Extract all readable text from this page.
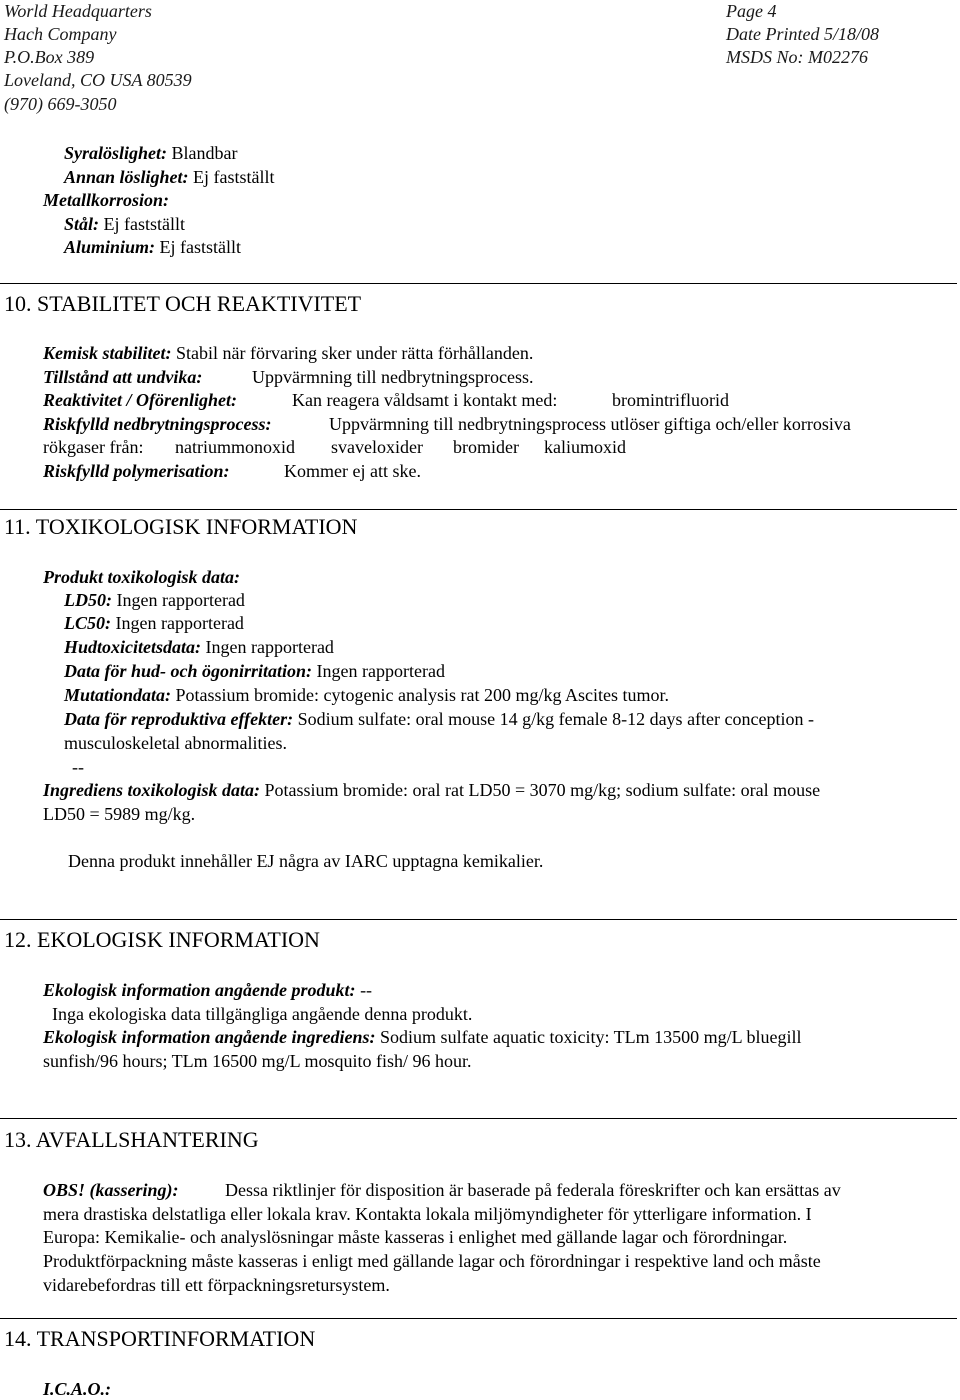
World Headquarters
Hach Company
P.O.Box 389
Loveland, CO USA 80539
(970) 669-3050
Page 4
Date Printed 5/18/08
MSDS No: M02276
Syralöslighet: Blandbar
Annan löslighet: Ej fastställt
Metallkorrosion:
Stål: Ej fastställt
Aluminium: Ej fastställt
10. STABILITET OCH REAKTIVITET
Kemisk stabilitet: Stabil när förvaring sker under rätta förhållanden.
Tillstånd att undvika:	Uppvärmning till nedbrytningsprocess.
Reaktivitet / Oförenlighet:	Kan reagera våldsamt i kontakt med:	bromintrifluorid
Riskfylld nedbrytningsprocess:	Uppvärmning till nedbrytningsprocess utlöser giftiga och/eller korrosiva
rökgaser från: natriummonoxid svaveloxider bromider kaliumoxid
Riskfylld polymerisation:	Kommer ej att ske.
11. TOXIKOLOGISK INFORMATION
Produkt toxikologisk data:
LD50: Ingen rapporterad
LC50: Ingen rapporterad
Hudtoxicitetsdata: Ingen rapporterad
Data för hud- och ögonirritation: Ingen rapporterad
Mutationdata: Potassium bromide: cytogenic analysis rat 200 mg/kg Ascites tumor.
Data för reproduktiva effekter: Sodium sulfate: oral mouse 14 g/kg female 8-12 days after conception -
musculoskeletal abnormalities.
--
Ingrediens toxikologisk data: Potassium bromide: oral rat LD50 = 3070 mg/kg; sodium sulfate: oral mouse
LD50 = 5989 mg/kg.
Denna produkt innehåller EJ några av IARC upptagna kemikalier.
12. EKOLOGISK INFORMATION
Ekologisk information angående produkt: --
Inga ekologiska data tillgängliga angående denna produkt.
Ekologisk information angående ingrediens: Sodium sulfate aquatic toxicity: TLm 13500 mg/L bluegill
sunfish/96 hours; TLm 16500 mg/L mosquito fish/ 96 hour.
13. AVFALLSHANTERING
OBS! (kassering):	Dessa riktlinjer för disposition är baserade på federala föreskrifter och kan ersättas av
mera drastiska delstatliga eller lokala krav. Kontakta lokala miljömyndigheter för ytterligare information. I
Europa: Kemikalie- och analyslösningar måste kasseras i enlighet med gällande lagar och förordningar.
Produktförpackning måste kasseras i enligt med gällande lagar och förordningar i respektive land och måste
vidarebefordras till ett förpackningsretursystem.
14. TRANSPORTINFORMATION
I.C.A.O.:
